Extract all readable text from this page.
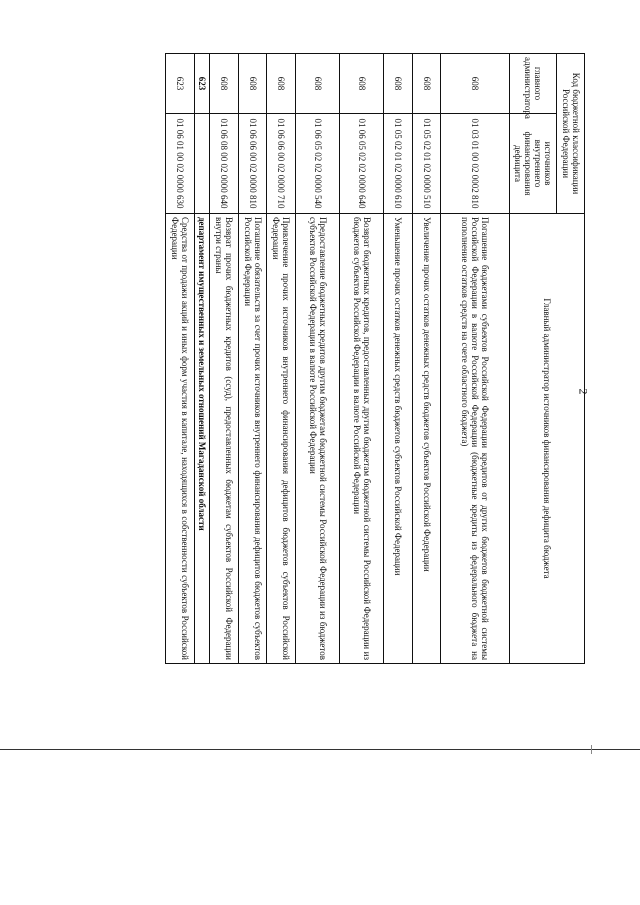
2
Код бюджетной классификации Российской Федерации		Главный администратор источников финансирования дефицита бюджета
главного администратора	источников внутреннего финансирования дефицита	
608	01 03 01 00 02 0002 810	Погашение бюджетами субъектов Российской Федерации кредитов от других бюджетов бюджетной системы Российской Федерации в валюте Российской Федерации (бюджетные кредиты из федерального бюджета на пополнение остатков средств на счете областного бюджета)
608	01 05 02 01 02 0000 510	Увеличение прочих остатков денежных средств бюджетов субъектов Российской Федерации
608	01 05 02 01 02 0000 610	Уменьшение прочих остатков денежных средств бюджетов субъектов Российской Федерации
608	01 06 05 02 02 0000 640	Возврат бюджетных кредитов, предоставленных другим бюджетам бюджетной системы Российской Федерации из бюджетов субъектов Российской Федерации в валюте Российской Федерации
608	01 06 05 02 02 0000 540	Предоставление бюджетных кредитов другим бюджетам бюджетной системы Российской Федерации из бюджетов субъектов Российской Федерации в валюте Российской Федерации
608	01 06 06 00 02 0000 710	Привлечение прочих источников внутреннего финансирования дефицитов бюджетов субъектов Российской Федерации
608	01 06 06 00 02 0000 810	Погашение обязательств за счет прочих источников внутреннего финансирования дефицитов бюджетов субъектов Российской Федерации
608	01 06 08 00 02 0000 640	Возврат прочих бюджетных кредитов (ссуд), предоставленных бюджетам субъектов Российской Федерации внутри страны
623		департамент имущественных и земельных отношений Магаданской области
623	01 06 01 00 02 0000 630	Средства от продажи акций и иных форм участия в капитале, находящихся в собственности субъектов Российской Федерации
